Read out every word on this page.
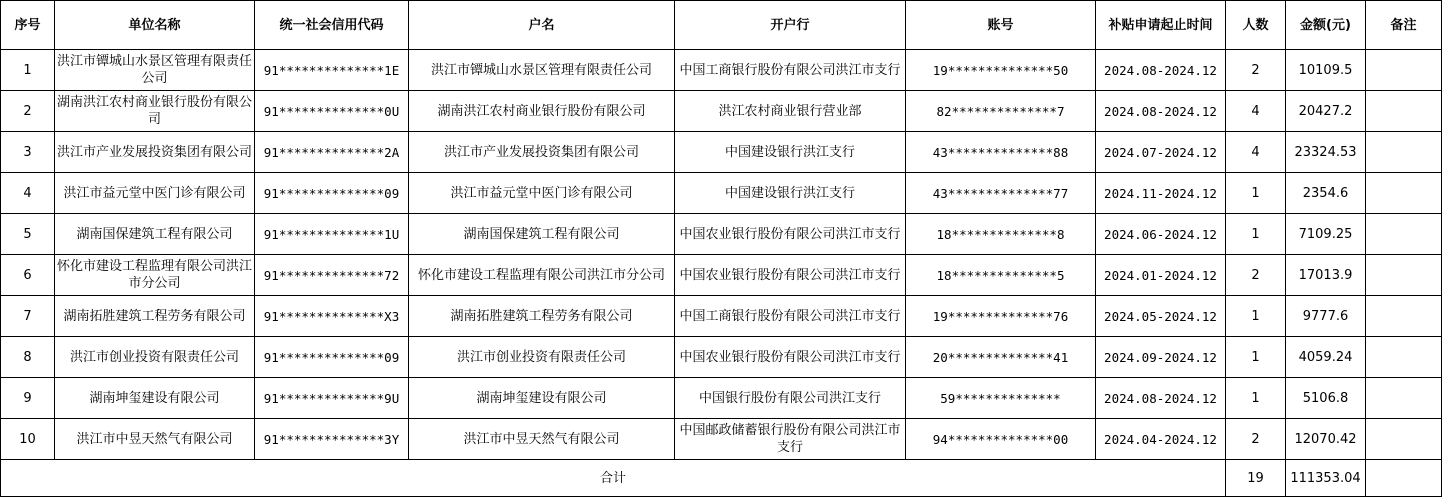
序号	单位名称	统一社会信用代码	户名	开户行	账号	补贴申请起止时间	人数	金额(元)	备注
1	洪江市镡城山水景区管理有限责任公司	91**************1E	洪江市镡城山水景区管理有限责任公司	中国工商银行股份有限公司洪江市支行	19**************50	2024.08-2024.12	2	10109.5	
2	湖南洪江农村商业银行股份有限公司	91**************0U	湖南洪江农村商业银行股份有限公司	洪江农村商业银行营业部	82**************7	2024.08-2024.12	4	20427.2	
3	洪江市产业发展投资集团有限公司	91**************2A	洪江市产业发展投资集团有限公司	中国建设银行洪江支行	43**************88	2024.07-2024.12	4	23324.53	
4	洪江市益元堂中医门诊有限公司	91**************09	洪江市益元堂中医门诊有限公司	中国建设银行洪江支行	43**************77	2024.11-2024.12	1	2354.6	
5	湖南国保建筑工程有限公司	91**************1U	湖南国保建筑工程有限公司	中国农业银行股份有限公司洪江市支行	18**************8	2024.06-2024.12	1	7109.25	
6	怀化市建设工程监理有限公司洪江市分公司	91**************72	怀化市建设工程监理有限公司洪江市分公司	中国农业银行股份有限公司洪江市支行	18**************5	2024.01-2024.12	2	17013.9	
7	湖南拓胜建筑工程劳务有限公司	91**************X3	湖南拓胜建筑工程劳务有限公司	中国工商银行股份有限公司洪江市支行	19**************76	2024.05-2024.12	1	9777.6	
8	洪江市创业投资有限责任公司	91**************09	洪江市创业投资有限责任公司	中国农业银行股份有限公司洪江市支行	20**************41	2024.09-2024.12	1	4059.24	
9	湖南坤玺建设有限公司	91**************9U	湖南坤玺建设有限公司	中国银行股份有限公司洪江支行	59**************	2024.08-2024.12	1	5106.8	
10	洪江市中昱天然气有限公司	91**************3Y	洪江市中昱天然气有限公司	中国邮政储蓄银行股份有限公司洪江市支行	94**************00	2024.04-2024.12	2	12070.42	
合计							19	111353.04	
